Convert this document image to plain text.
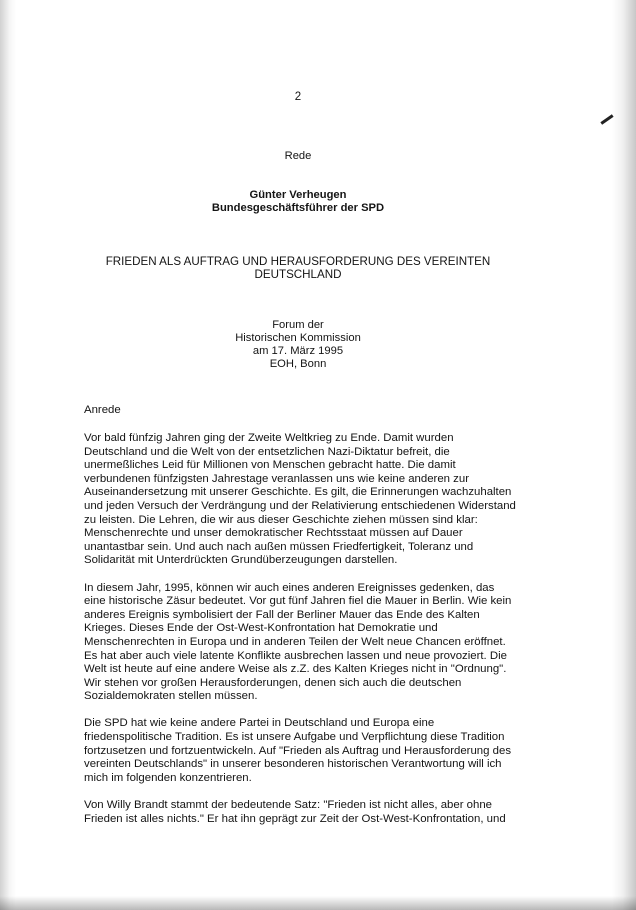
2
Rede
Günter Verheugen
Bundesgeschäftsführer der SPD
FRIEDEN ALS AUFTRAG UND HERAUSFORDERUNG DES VEREINTEN
DEUTSCHLAND
Forum der
Historischen Kommission
am 17. März 1995
EOH, Bonn
Anrede

Vor bald fünfzig Jahren ging der Zweite Weltkrieg zu Ende. Damit wurden
Deutschland und die Welt von der entsetzlichen Nazi-Diktatur befreit, die
unermeßliches Leid für Millionen von Menschen gebracht hatte. Die damit
verbundenen fünfzigsten Jahrestage veranlassen uns wie keine anderen zur
Auseinandersetzung mit unserer Geschichte. Es gilt, die Erinnerungen wachzuhalten
und jeden Versuch der Verdrängung und der Relativierung entschiedenen Widerstand
zu leisten. Die Lehren, die wir aus dieser Geschichte ziehen müssen sind klar:
Menschenrechte und unser demokratischer Rechtsstaat müssen auf Dauer
unantastbar sein. Und auch nach außen müssen Friedfertigkeit, Toleranz und
Solidarität mit Unterdrückten Grundüberzeugungen darstellen.

In diesem Jahr, 1995, können wir auch eines anderen Ereignisses gedenken, das
eine historische Zäsur bedeutet. Vor gut fünf Jahren fiel die Mauer in Berlin. Wie kein
anderes Ereignis symbolisiert der Fall der Berliner Mauer das Ende des Kalten
Krieges. Dieses Ende der Ost-West-Konfrontation hat Demokratie und
Menschenrechten in Europa und in anderen Teilen der Welt neue Chancen eröffnet.
Es hat aber auch viele latente Konflikte ausbrechen lassen und neue provoziert. Die
Welt ist heute auf eine andere Weise als z.Z. des Kalten Krieges nicht in "Ordnung".
Wir stehen vor großen Herausforderungen, denen sich auch die deutschen
Sozialdemokraten stellen müssen.

Die SPD hat wie keine andere Partei in Deutschland und Europa eine
friedenspolitische Tradition. Es ist unsere Aufgabe und Verpflichtung diese Tradition
fortzusetzen und fortzuentwickeln. Auf "Frieden als Auftrag und Herausforderung des
vereinten Deutschlands" in unserer besonderen historischen Verantwortung will ich
mich im folgenden konzentrieren.

Von Willy Brandt stammt der bedeutende Satz: "Frieden ist nicht alles, aber ohne
Frieden ist alles nichts." Er hat ihn geprägt zur Zeit der Ost-West-Konfrontation, und
